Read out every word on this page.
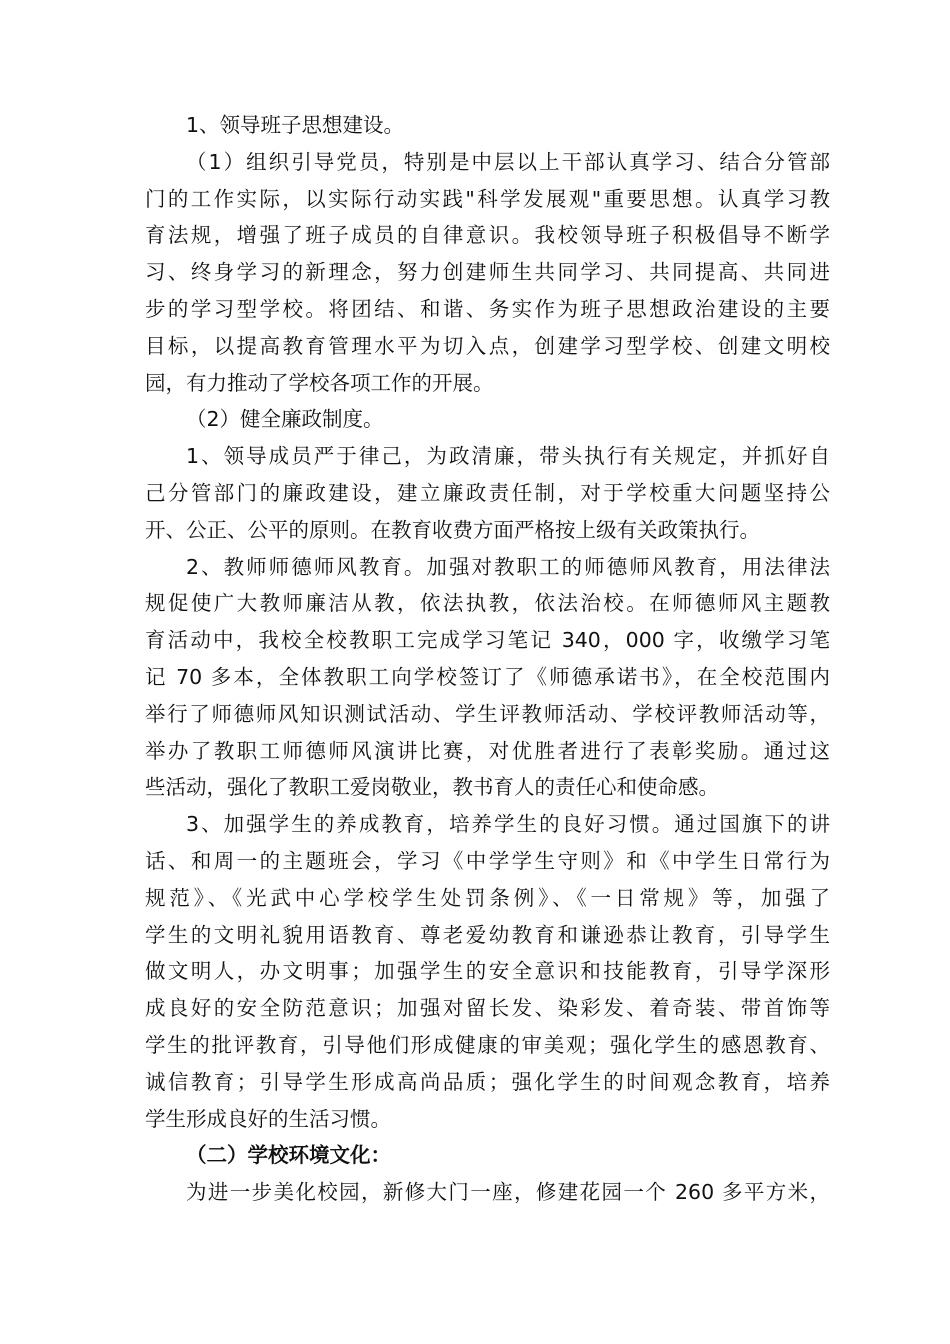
1、领导班子思想建设。
（1）组织引导党员，特别是中层以上干部认真学习、结合分管部
门的工作实际，以实际行动实践"科学发展观"重要思想。认真学习教
育法规，增强了班子成员的自律意识。我校领导班子积极倡导不断学
习、终身学习的新理念，努力创建师生共同学习、共同提高、共同进
步的学习型学校。将团结、和谐、务实作为班子思想政治建设的主要
目标，以提高教育管理水平为切入点，创建学习型学校、创建文明校
园，有力推动了学校各项工作的开展。
（2）健全廉政制度。
1、领导成员严于律己，为政清廉，带头执行有关规定，并抓好自
己分管部门的廉政建设，建立廉政责任制，对于学校重大问题坚持公
开、公正、公平的原则。在教育收费方面严格按上级有关政策执行。
2、教师师德师风教育。加强对教职工的师德师风教育，用法律法
规促使广大教师廉洁从教，依法执教，依法治校。在师德师风主题教
育活动中，我校全校教职工完成学习笔记 340，000 字，收缴学习笔
记 70 多本，全体教职工向学校签订了《师德承诺书》，在全校范围内
举行了师德师风知识测试活动、学生评教师活动、学校评教师活动等，
举办了教职工师德师风演讲比赛，对优胜者进行了表彰奖励。通过这
些活动，强化了教职工爱岗敬业，教书育人的责任心和使命感。
3、加强学生的养成教育，培养学生的良好习惯。通过国旗下的讲
话、和周一的主题班会，学习《中学学生守则》和《中学生日常行为
规范》、《光武中心学校学生处罚条例》、《一日常规》等，加强了
学生的文明礼貌用语教育、尊老爱幼教育和谦逊恭让教育，引导学生
做文明人，办文明事；加强学生的安全意识和技能教育，引导学深形
成良好的安全防范意识；加强对留长发、染彩发、着奇装、带首饰等
学生的批评教育，引导他们形成健康的审美观；强化学生的感恩教育、
诚信教育；引导学生形成高尚品质；强化学生的时间观念教育，培养
学生形成良好的生活习惯。
（二）学校环境文化：
为进一步美化校园，新修大门一座，修建花园一个 260 多平方米，
